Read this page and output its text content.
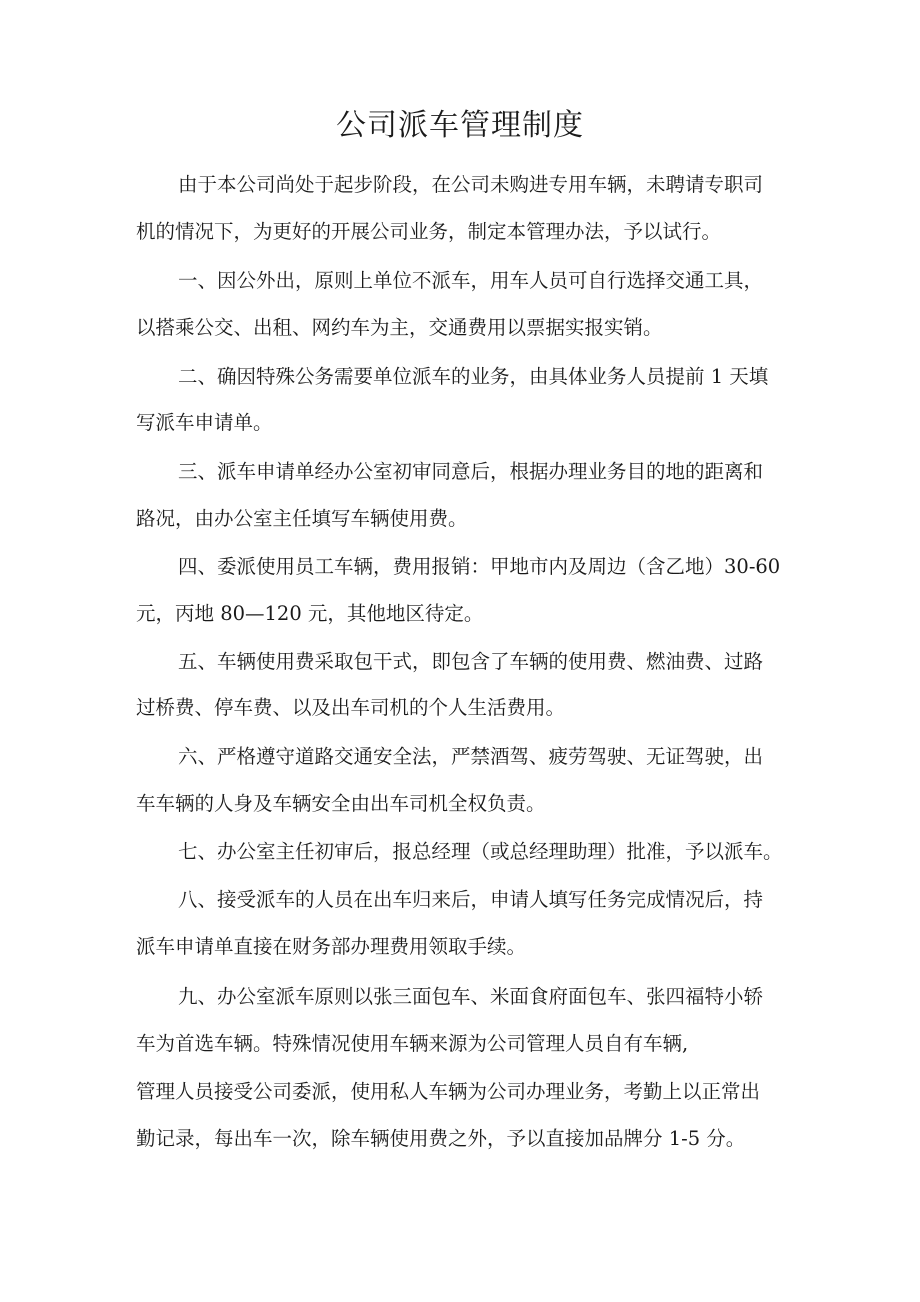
公司派车管理制度

由于本公司尚处于起步阶段，在公司未购进专用车辆，未聘请专职司

机的情况下，为更好的开展公司业务，制定本管理办法，予以试行。

一、因公外出，原则上单位不派车，用车人员可自行选择交通工具，

以搭乘公交、出租、网约车为主，交通费用以票据实报实销。

二、确因特殊公务需要单位派车的业务，由具体业务人员提前 1 天填

写派车申请单。

三、派车申请单经办公室初审同意后，根据办理业务目的地的距离和

路况，由办公室主任填写车辆使用费。

四、委派使用员工车辆，费用报销：甲地市内及周边（含乙地）30-60

元，丙地 80—120 元，其他地区待定。

五、车辆使用费采取包干式，即包含了车辆的使用费、燃油费、过路

过桥费、停车费、以及出车司机的个人生活费用。

六、严格遵守道路交通安全法，严禁酒驾、疲劳驾驶、无证驾驶，出

车车辆的人身及车辆安全由出车司机全权负责。

七、办公室主任初审后，报总经理（或总经理助理）批准，予以派车。

八、接受派车的人员在出车归来后，申请人填写任务完成情况后，持

派车申请单直接在财务部办理费用领取手续。

九、办公室派车原则以张三面包车、米面食府面包车、张四福特小轿

车为首选车辆。特殊情况使用车辆来源为公司管理人员自有车辆,

管理人员接受公司委派，使用私人车辆为公司办理业务，考勤上以正常出

勤记录，每出车一次，除车辆使用费之外，予以直接加品牌分 1-5 分。
